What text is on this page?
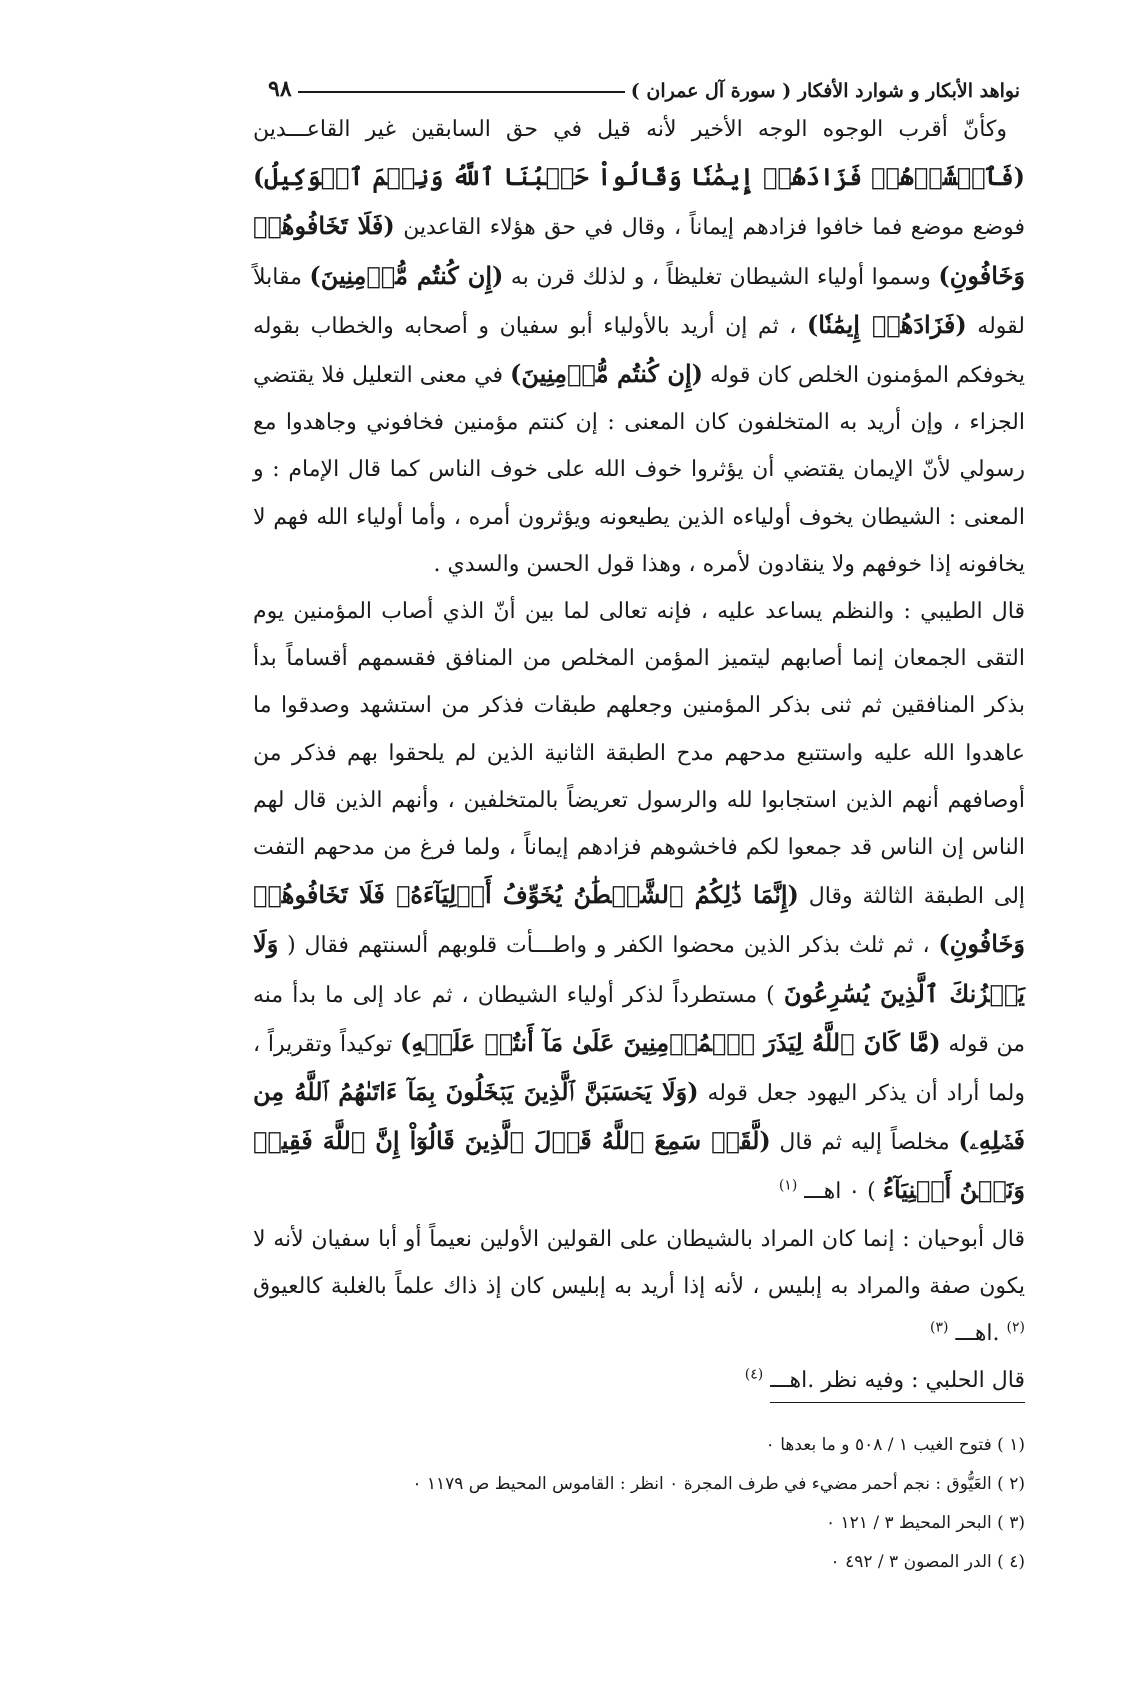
نواهد الأبكار و شوارد الأفكار ( سورة آل عمران )
٩٨

وكأنّ أقرب الوجوه الوجه الأخير لأنه قيل في حق السابقين غير القاعـــدين (فَٱخۡشَوۡهُمۡ فَزَادَهُمۡ إِيمَٰنٗا وَقَالُواْ حَسۡبُنَا ٱللَّهُ وَنِعۡمَ ٱلۡوَكِيلُ) فوضع موضع فما خافوا فزادهم إيماناً ، وقال في حق هؤلاء القاعدين (فَلَا تَخَافُوهُمۡ وَخَافُونِ) وسموا أولياء الشيطان تغليظاً ، و لذلك قرن به (إِن كُنتُم مُّؤۡمِنِينَ) مقابلاً لقوله (فَزَادَهُمۡ إِيمَٰنٗا) ، ثم إن أريد بالأولياء أبو سفيان و أصحابه والخطاب بقوله يخوفكم المؤمنون الخلص كان قوله (إِن كُنتُم مُّؤۡمِنِينَ) في معنى التعليل فلا يقتضي الجزاء ، وإن أريد به المتخلفون كان المعنى : إن كنتم مؤمنين فخافوني وجاهدوا مع رسولي لأنّ الإيمان يقتضي أن يؤثروا خوف الله على خوف الناس كما قال الإمام : و المعنى : الشيطان يخوف أولياءه الذين يطيعونه ويؤثرون أمره ، وأما أولياء الله فهم لا يخافونه إذا خوفهم ولا ينقادون لأمره ، وهذا قول الحسن والسدي .

قال الطيبي : والنظم يساعد عليه ، فإنه تعالى لما بين أنّ الذي أصاب المؤمنين يوم التقى الجمعان إنما أصابهم ليتميز المؤمن المخلص من المنافق فقسمهم أقساماً بدأ بذكر المنافقين ثم ثنى بذكر المؤمنين وجعلهم طبقات فذكر من استشهد وصدقوا ما عاهدوا الله عليه واستتبع مدحهم مدح الطبقة الثانية الذين لم يلحقوا بهم فذكر من أوصافهم أنهم الذين استجابوا لله والرسول تعريضاً بالمتخلفين ، وأنهم الذين قال لهم الناس إن الناس قد جمعوا لكم فاخشوهم فزادهم إيماناً ، ولما فرغ من مدحهم التفت إلى الطبقة الثالثة وقال (إِنَّمَا ذَٰلِكُمُ ٱلشَّيۡطَٰنُ يُخَوِّفُ أَوۡلِيَآءَهُۥ فَلَا تَخَافُوهُمۡ وَخَافُونِ) ، ثم ثلث بذكر الذين محضوا الكفر و واطـــأت قلوبهم ألسنتهم فقال ( وَلَا يَحۡزُنكَ ٱلَّذِينَ يُسَٰرِعُونَ ) مستطرداً لذكر أولياء الشيطان ، ثم عاد إلى ما بدأ منه من قوله (مَّا كَانَ ٱللَّهُ لِيَذَرَ ٱلۡمُؤۡمِنِينَ عَلَىٰ مَآ أَنتُمۡ عَلَيۡهِ) توكيداً وتقريراً ، ولما أراد أن يذكر اليهود جعل قوله (وَلَا يَحۡسَبَنَّ ٱلَّذِينَ يَبۡخَلُونَ بِمَآ ءَاتَىٰهُمُ ٱللَّهُ مِن فَضۡلِهِۦ) مخلصاً إليه ثم قال (لَّقَدۡ سَمِعَ ٱللَّهُ قَوۡلَ ٱلَّذِينَ قَالُوٓاْ إِنَّ ٱللَّهَ فَقِيرٞ وَنَحۡنُ أَغۡنِيَآءُ ) ٠ اهـــ $^{(١)}$

قال أبوحيان : إنما كان المراد بالشيطان على القولين الأولين نعيماً أو أبا سفيان لأنه لا يكون صفة والمراد به إبليس ، لأنه إذا أريد به إبليس كان إذ ذاك علماً بالغلبة كالعيوق $^{(٢)}$ .اهـــ $^{(٣)}$

قال الحلبي : وفيه نظر .اهـــ $^{(٤)}$

(١ ) فتوح الغيب ١ / ٥٠٨ و ما بعدها ٠

(٢ ) العَيُّوق : نجم أحمر مضيء في طرف المجرة ٠ انظر : القاموس المحيط ص ١١٧٩ ٠

(٣ ) البحر المحيط ٣ / ١٢١ ٠

(٤ ) الدر المصون ٣ / ٤٩٢ ٠
